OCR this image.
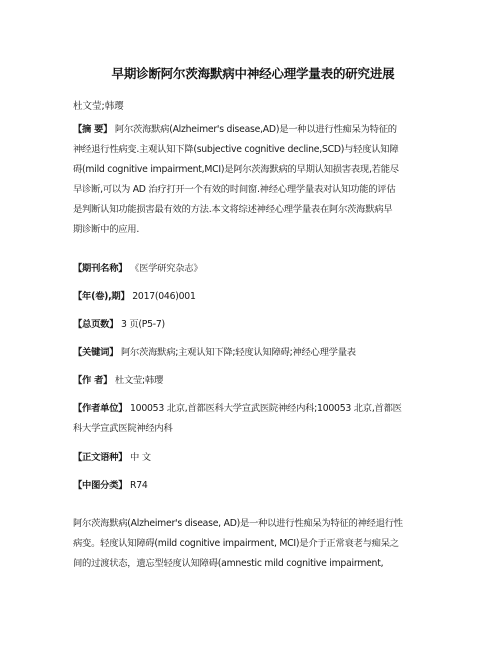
早期诊断阿尔茨海默病中神经心理学量表的研究进展
杜文莹;韩璎
【摘 要】 阿尔茨海默病(Alzheimer's disease,AD)是一种以进行性痴呆为特征的
神经退行性病变.主观认知下降(subjective cognitive decline,SCD)与轻度认知障
碍(mild cognitive impairment,MCI)是阿尔茨海默病的早期认知损害表现,若能尽
早诊断,可以为 AD 治疗打开一个有效的时间窗.神经心理学量表对认知功能的评估
是判断认知功能损害最有效的方法.本文将综述神经心理学量表在阿尔茨海默病早
期诊断中的应用.
【期刊名称】 《医学研究杂志》
【年(卷),期】 2017(046)001
【总页数】 3 页(P5-7)
【关键词】 阿尔茨海默病;主观认知下降;轻度认知障碍;神经心理学量表
【作 者】 杜文莹;韩璎
【作者单位】 100053 北京,首都医科大学宣武医院神经内科;100053 北京,首都医
科大学宣武医院神经内科
【正文语种】 中 文
【中图分类】 R74
阿尔茨海默病(Alzheimer's disease, AD)是一种以进行性痴呆为特征的神经退行性
病变。轻度认知障碍(mild cognitive impairment, MCI)是介于正常衰老与痴呆之
间的过渡状态，遗忘型轻度认知障碍(amnestic mild cognitive impairment,
